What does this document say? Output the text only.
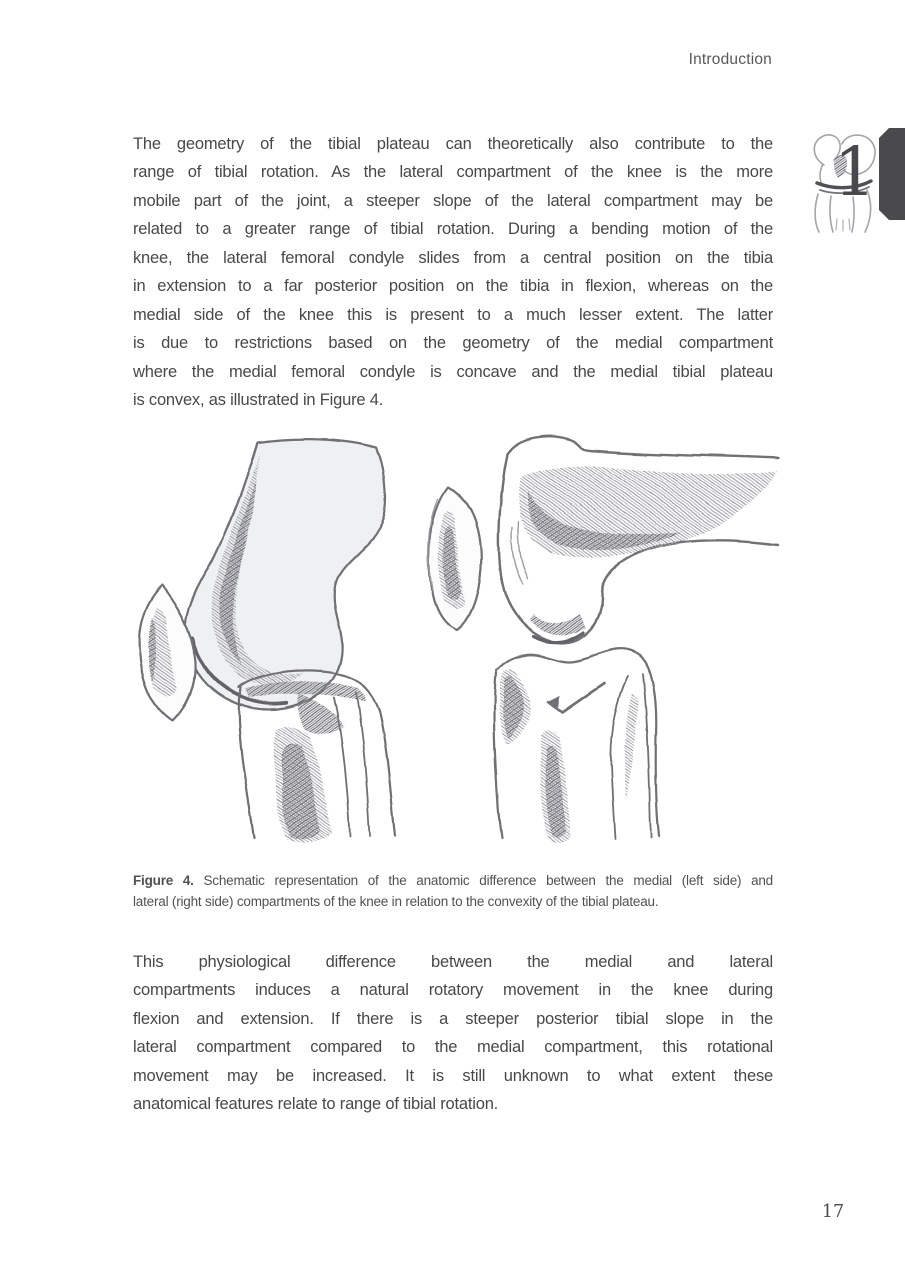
Introduction
The geometry of the tibial plateau can theoretically also contribute to the
range of tibial rotation. As the lateral compartment of the knee is the more
mobile part of the joint, a steeper slope of the lateral compartment may be
related to a greater range of tibial rotation. During a bending motion of the
knee, the lateral femoral condyle slides from a central position on the tibia
in extension to a far posterior position on the tibia in flexion, whereas on the
medial side of the knee this is present to a much lesser extent. The latter
is due to restrictions based on the geometry of the medial compartment
where the medial femoral condyle is concave and the medial tibial plateau
is convex, as illustrated in Figure 4.
1
Figure 4. Schematic representation of the anatomic difference between the medial (left side) and
lateral (right side) compartments of the knee in relation to the convexity of the tibial plateau.
This physiological difference between the medial and lateral
compartments induces a natural rotatory movement in the knee during
flexion and extension. If there is a steeper posterior tibial slope in the
lateral compartment compared to the medial compartment, this rotational
movement may be increased. It is still unknown to what extent these
anatomical features relate to range of tibial rotation.
17
